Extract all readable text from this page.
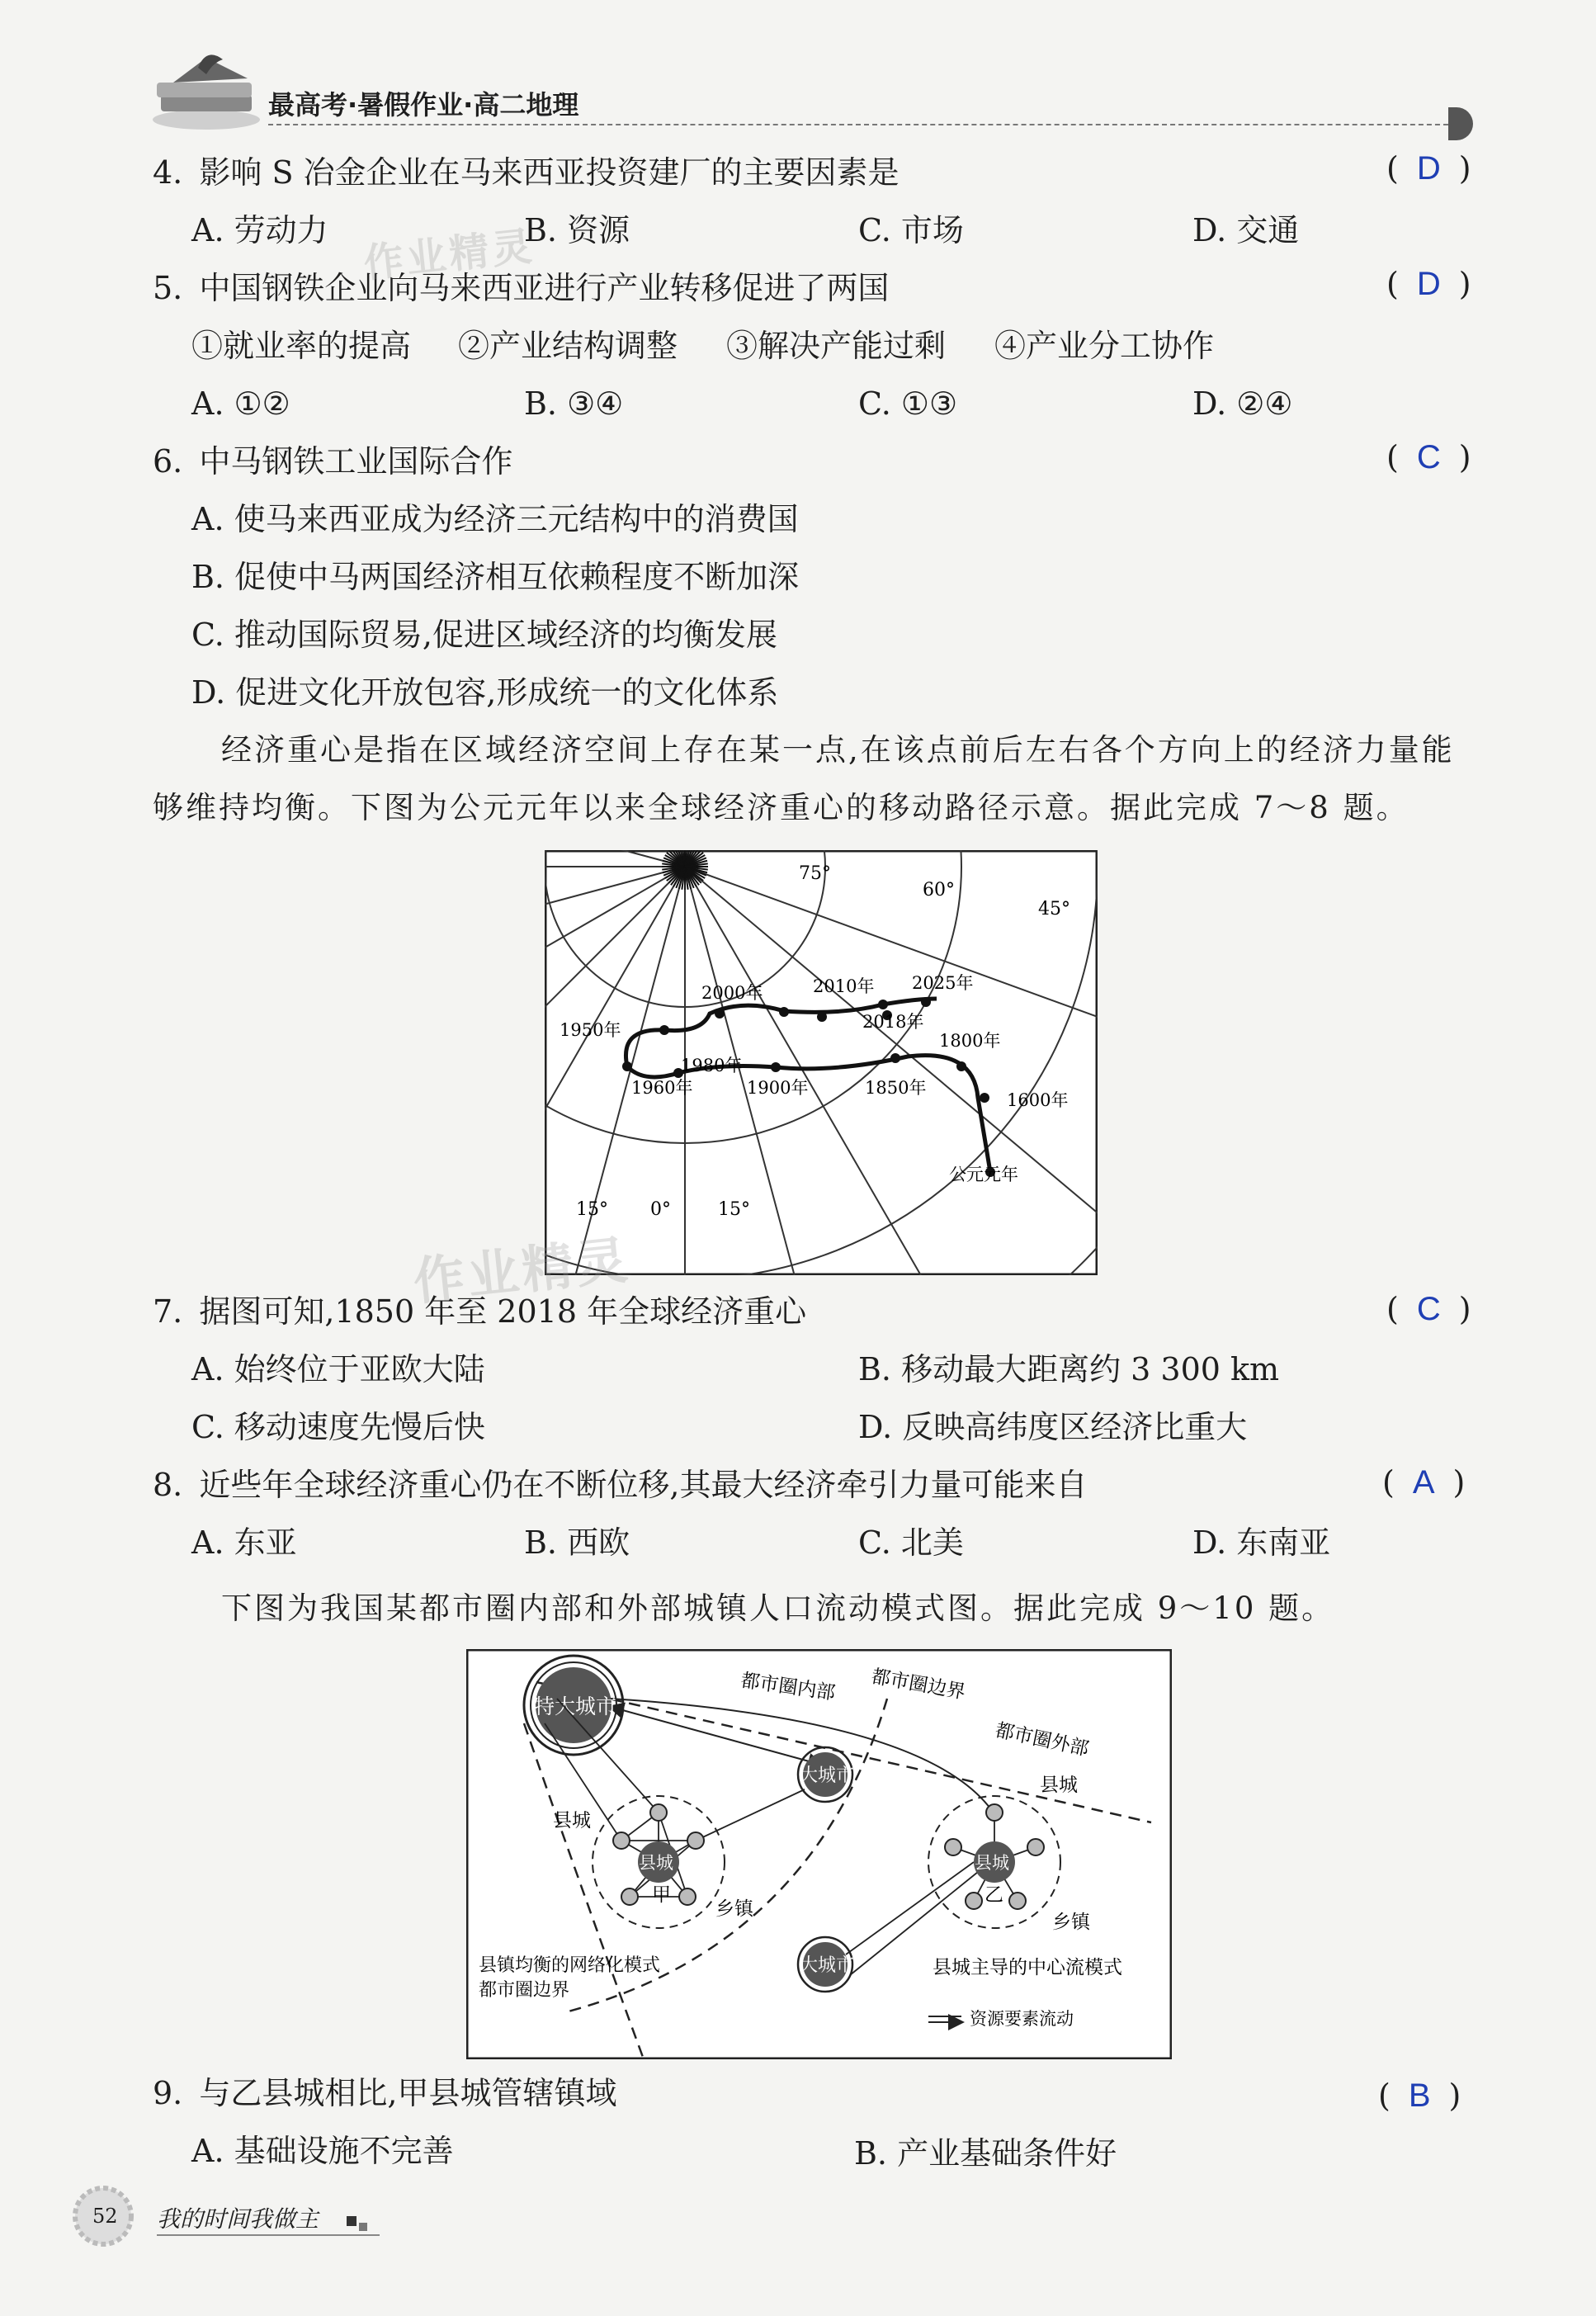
最高考·暑假作业·高二地理
4. 影响 S 冶金企业在马来西亚投资建厂的主要因素是	( D )
A. 劳动力	B. 资源	C. 市场	D. 交通
5. 中国钢铁企业向马来西亚进行产业转移促进了两国	( D )
①就业率的提高 ②产业结构调整 ③解决产能过剩 ④产业分工协作
A. ①②	B. ③④	C. ①③	D. ②④
6. 中马钢铁工业国际合作	( C )
A. 使马来西亚成为经济三元结构中的消费国
B. 促使中马两国经济相互依赖程度不断加深
C. 推动国际贸易,促进区域经济的均衡发展
D. 促进文化开放包容,形成统一的文化体系
经济重心是指在区域经济空间上存在某一点,在该点前后左右各个方向上的经济力量能
够维持均衡。下图为公元元年以来全球经济重心的移动路径示意。据此完成 7～8 题。
75°
60°
45°
15° 0°	15°
2000年	2010年 2025年
2018年
1950年
1800年
1980年
1960年	1900年	1850年
1600年
公元元年
作业精灵
作业精灵
7. 据图可知,1850 年至 2018 年全球经济重心	( C )
A. 始终位于亚欧大陆	B. 移动最大距离约 3 300 km
C. 移动速度先慢后快	D. 反映高纬度区经济比重大
8. 近些年全球经济重心仍在不断位移,其最大经济牵引力量可能来自	( A )
A. 东亚	B. 西欧	C. 北美	D. 东南亚
下图为我国某都市圈内部和外部城镇人口流动模式图。据此完成 9～10 题。
特大城市
大城市
大城市
县城	县城
县城
县城
甲	乙
乡镇
乡镇
都市圈内部 都市圈边界
都市圈外部
县镇均衡的网络化模式
都市圈边界
县城主导的中心流模式
资源要素流动
9. 与乙县城相比,甲县城管辖镇域	( B )
A. 基础设施不完善	B. 产业基础条件好
52 我的时间我做主
